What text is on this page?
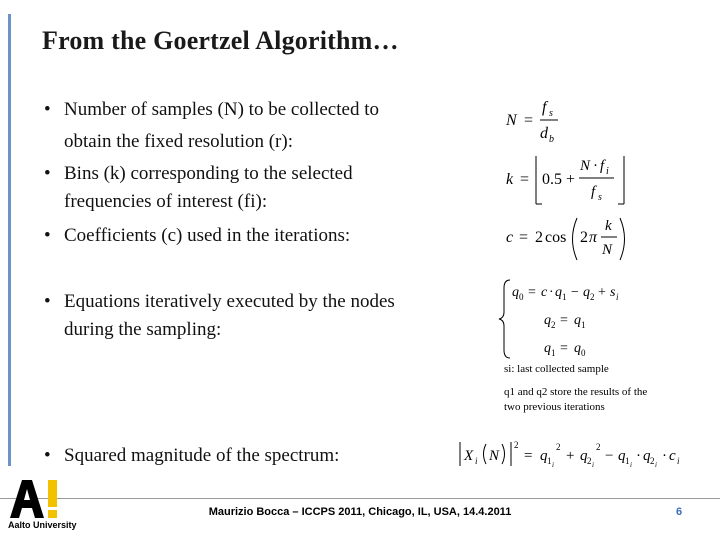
From the Goertzel Algorithm…
• Number of samples (N) to be collected to
obtain the fixed resolution (r):
• Bins (k) corresponding to the selected
frequencies of interest (fi):
• Coefficients (c) used in the iterations:
• Equations iteratively executed by the nodes
during the sampling:
• Squared magnitude of the spectrum:
N =
f s
d b
k = 0.5 +
N · f i
f s
c = 2 cos 2 π
k
N
q 0 = c · q 1 − q 2 + s i
q 2 = q 1
q 1 = q 0
si: last collected sample
q1 and q2 store the results of the
two previous iterations
X i N
2
= q 1 i
2
+ q 2 i
2
− q 1 i
· q 2 i
· c i
Maurizio Bocca – ICCPS 2011, Chicago, IL, USA, 14.4.2011	6
Aalto University
